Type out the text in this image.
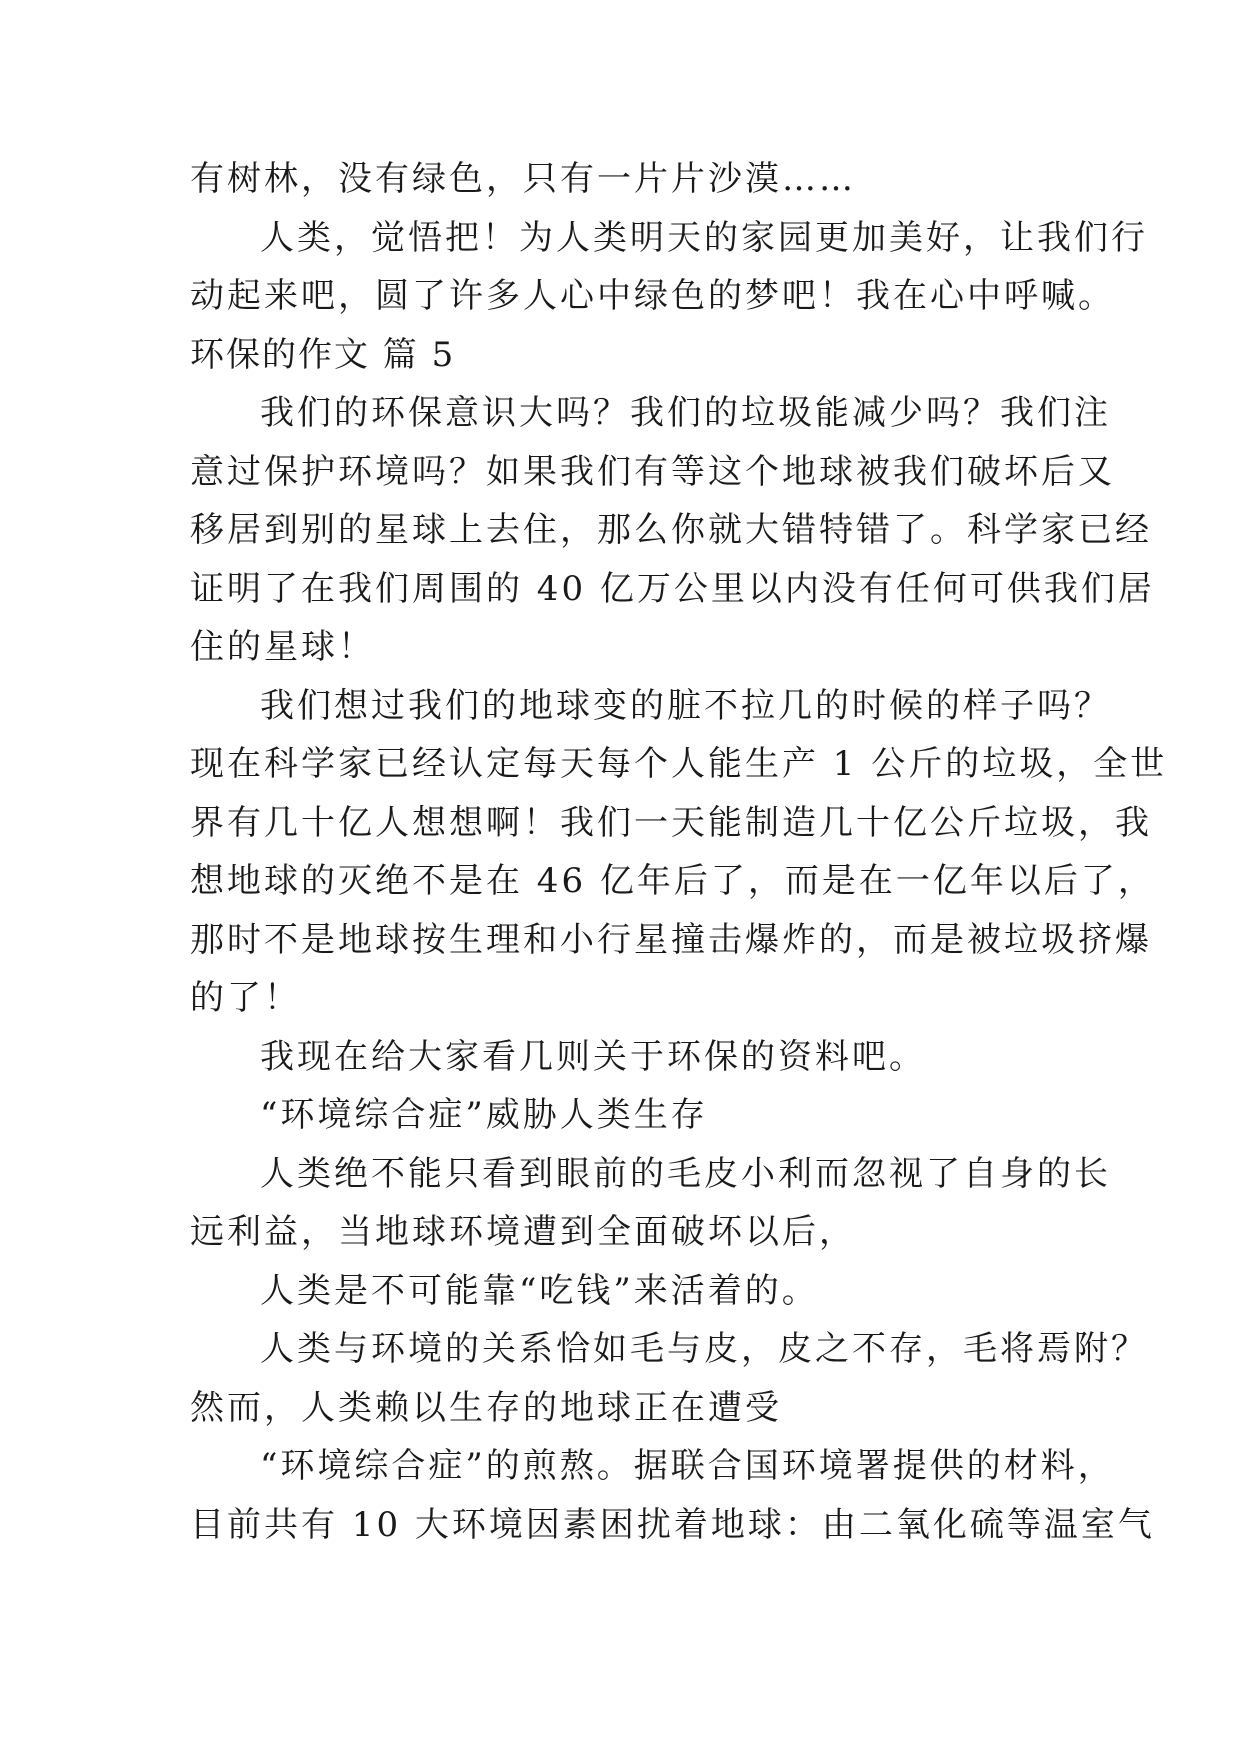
有树林，没有绿色，只有一片片沙漠……
人类，觉悟把！为人类明天的家园更加美好，让我们行
动起来吧，圆了许多人心中绿色的梦吧！我在心中呼喊。
环保的作文 篇 5
我们的环保意识大吗？我们的垃圾能减少吗？我们注
意过保护环境吗？如果我们有等这个地球被我们破坏后又
移居到别的星球上去住，那么你就大错特错了。科学家已经
证明了在我们周围的 40 亿万公里以内没有任何可供我们居
住的星球！
我们想过我们的地球变的脏不拉几的时候的样子吗？
现在科学家已经认定每天每个人能生产 1 公斤的垃圾，全世
界有几十亿人想想啊！我们一天能制造几十亿公斤垃圾，我
想地球的灭绝不是在 46 亿年后了，而是在一亿年以后了，
那时不是地球按生理和小行星撞击爆炸的，而是被垃圾挤爆
的了！
我现在给大家看几则关于环保的资料吧。
“环境综合症”威胁人类生存
人类绝不能只看到眼前的毛皮小利而忽视了自身的长
远利益，当地球环境遭到全面破坏以后，
人类是不可能靠“吃钱”来活着的。
人类与环境的关系恰如毛与皮，皮之不存，毛将焉附？
然而，人类赖以生存的地球正在遭受
“环境综合症”的煎熬。据联合国环境署提供的材料，
目前共有 10 大环境因素困扰着地球：由二氧化硫等温室气
